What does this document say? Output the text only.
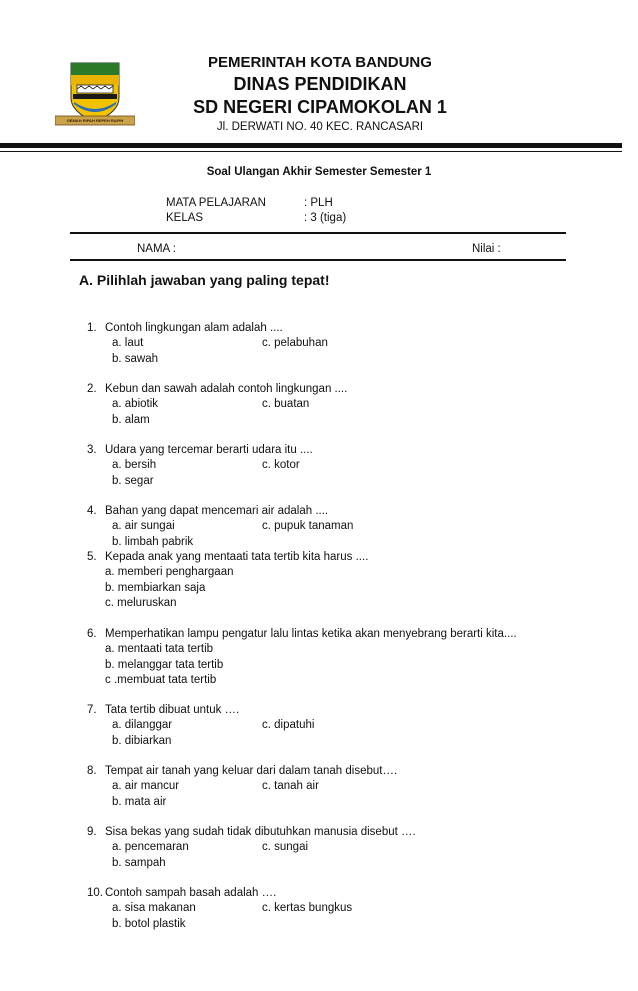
GEMAH RIPAH REPEH RAPIH
PEMERINTAH KOTA BANDUNG
DINAS PENDIDIKAN
SD NEGERI CIPAMOKOLAN 1
Jl. DERWATI NO. 40 KEC. RANCASARI
Soal Ulangan Akhir Semester Semester 1
MATA PELAJARAN	: PLH
KELAS	: 3 (tiga)
NAMA :	Nilai :
A. Pilihlah jawaban yang paling tepat!
1. Contoh lingkungan alam adalah ....
a. laut	c. pelabuhan
b. sawah
2. Kebun dan sawah adalah contoh lingkungan ....
a. abiotik	c. buatan
b. alam
3. Udara yang tercemar berarti udara itu ....
a. bersih	c. kotor
b. segar
4. Bahan yang dapat mencemari air adalah ....
a. air sungai	c. pupuk tanaman
b. limbah pabrik
5. Kepada anak yang mentaati tata tertib kita harus ....
a. memberi penghargaan
b. membiarkan saja
c. meluruskan
6. Memperhatikan lampu pengatur lalu lintas ketika akan menyebrang berarti kita....
a. mentaati tata tertib
b. melanggar tata tertib
c .membuat tata tertib
7. Tata tertib dibuat untuk ….
a. dilanggar	c. dipatuhi
b. dibiarkan
8. Tempat air tanah yang keluar dari dalam tanah disebut….
a. air mancur	c. tanah air
b. mata air
9. Sisa bekas yang sudah tidak dibutuhkan manusia disebut ….
a. pencemaran	c. sungai
b. sampah
10. Contoh sampah basah adalah ….
a. sisa makanan	c. kertas bungkus
b. botol plastik
